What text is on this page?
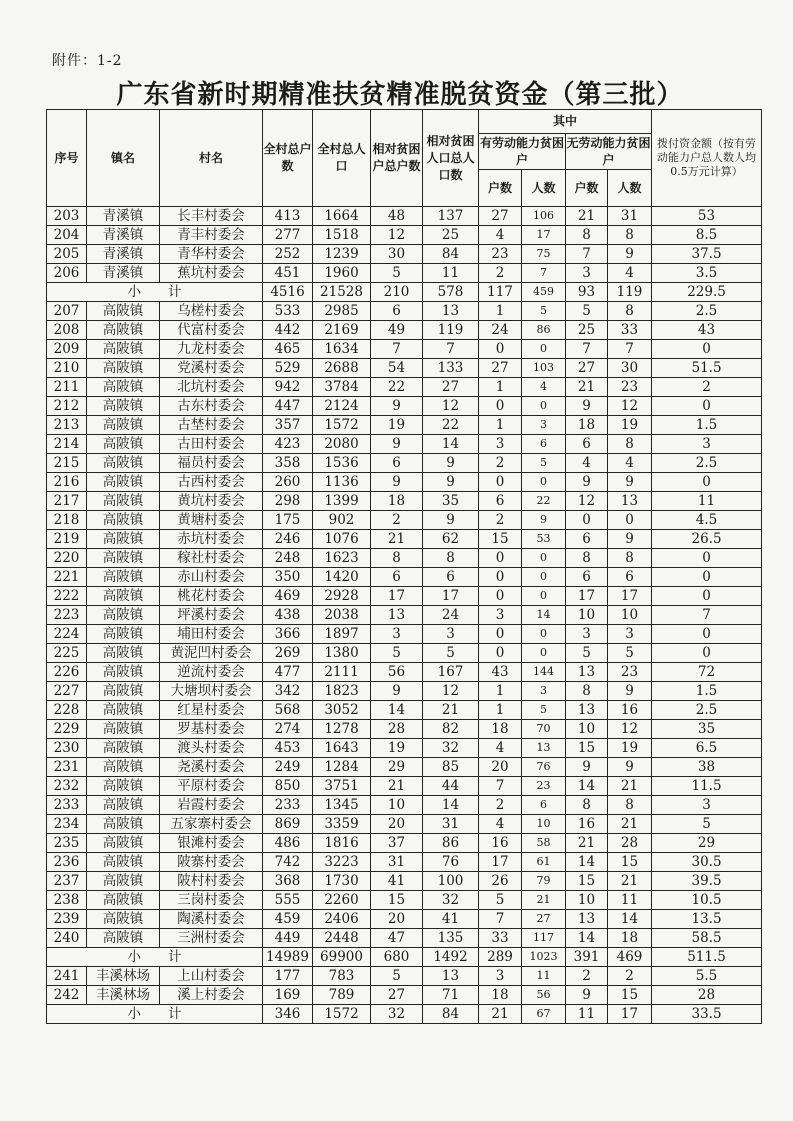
附件：1-2
广东省新时期精准扶贫精准脱贫资金（第三批）
序号	镇名	村名	全村总户数	全村总人口	相对贫困户总户数	相对贫困人口总人口数	其中				拨付资金额（按有劳动能力户总人数人均0.5万元计算）
							有劳动能力贫困户		无劳动能力贫困户		
							户数	人数	户数	人数	
203	青溪镇	长丰村委会	413	1664	48	137	27	106	21	31	53
204	青溪镇	青丰村委会	277	1518	12	25	4	17	8	8	8.5
205	青溪镇	青华村委会	252	1239	30	84	23	75	7	9	37.5
206	青溪镇	蕉坑村委会	451	1960	5	11	2	7	3	4	3.5
小　　计			4516	21528	210	578	117	459	93	119	229.5
207	高陂镇	乌槎村委会	533	2985	6	13	1	5	5	8	2.5
208	高陂镇	代富村委会	442	2169	49	119	24	86	25	33	43
209	高陂镇	九龙村委会	465	1634	7	7	0	0	7	7	0
210	高陂镇	党溪村委会	529	2688	54	133	27	103	27	30	51.5
211	高陂镇	北坑村委会	942	3784	22	27	1	4	21	23	2
212	高陂镇	古东村委会	447	2124	9	12	0	0	9	12	0
213	高陂镇	古埜村委会	357	1572	19	22	1	3	18	19	1.5
214	高陂镇	古田村委会	423	2080	9	14	3	6	6	8	3
215	高陂镇	福员村委会	358	1536	6	9	2	5	4	4	2.5
216	高陂镇	古西村委会	260	1136	9	9	0	0	9	9	0
217	高陂镇	黄坑村委会	298	1399	18	35	6	22	12	13	11
218	高陂镇	黄塘村委会	175	902	2	9	2	9	0	0	4.5
219	高陂镇	赤坑村委会	246	1076	21	62	15	53	6	9	26.5
220	高陂镇	稼社村委会	248	1623	8	8	0	0	8	8	0
221	高陂镇	赤山村委会	350	1420	6	6	0	0	6	6	0
222	高陂镇	桃花村委会	469	2928	17	17	0	0	17	17	0
223	高陂镇	坪溪村委会	438	2038	13	24	3	14	10	10	7
224	高陂镇	埔田村委会	366	1897	3	3	0	0	3	3	0
225	高陂镇	黄泥凹村委会	269	1380	5	5	0	0	5	5	0
226	高陂镇	逆流村委会	477	2111	56	167	43	144	13	23	72
227	高陂镇	大塘坝村委会	342	1823	9	12	1	3	8	9	1.5
228	高陂镇	红星村委会	568	3052	14	21	1	5	13	16	2.5
229	高陂镇	罗基村委会	274	1278	28	82	18	70	10	12	35
230	高陂镇	渡头村委会	453	1643	19	32	4	13	15	19	6.5
231	高陂镇	尧溪村委会	249	1284	29	85	20	76	9	9	38
232	高陂镇	平原村委会	850	3751	21	44	7	23	14	21	11.5
233	高陂镇	岩霞村委会	233	1345	10	14	2	6	8	8	3
234	高陂镇	五家寨村委会	869	3359	20	31	4	10	16	21	5
235	高陂镇	银滩村委会	486	1816	37	86	16	58	21	28	29
236	高陂镇	陂寨村委会	742	3223	31	76	17	61	14	15	30.5
237	高陂镇	陂村村委会	368	1730	41	100	26	79	15	21	39.5
238	高陂镇	三岗村委会	555	2260	15	32	5	21	10	11	10.5
239	高陂镇	陶溪村委会	459	2406	20	41	7	27	13	14	13.5
240	高陂镇	三洲村委会	449	2448	47	135	33	117	14	18	58.5
小　　计			14989	69900	680	1492	289	1023	391	469	511.5
241	丰溪林场	上山村委会	177	783	5	13	3	11	2	2	5.5
242	丰溪林场	溪上村委会	169	789	27	71	18	56	9	15	28
小　　计			346	1572	32	84	21	67	11	17	33.5
